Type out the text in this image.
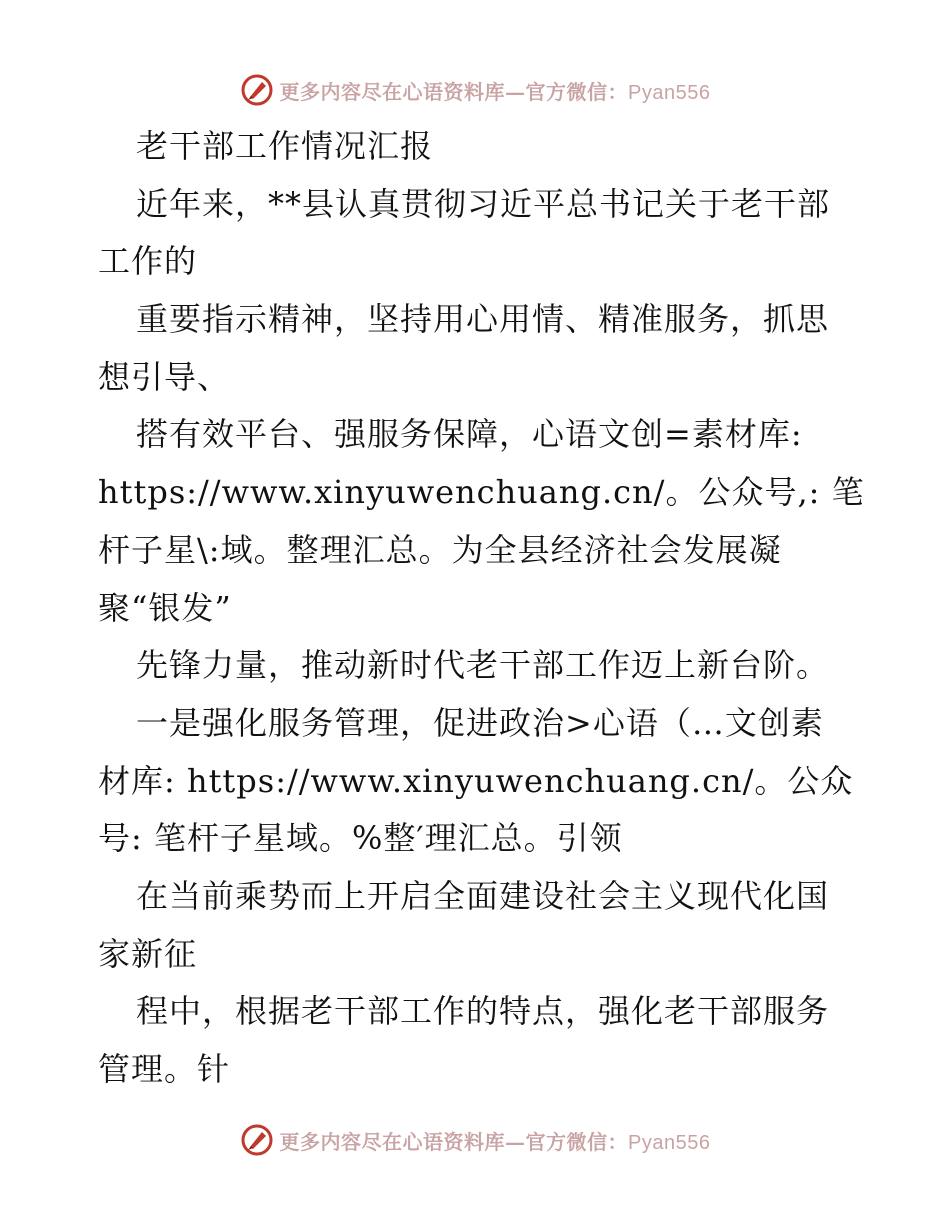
更多内容尽在心语资料库—官方微信：Pyan556
老干部工作情况汇报
近年来，**县认真贯彻习近平总书记关于老干部
工作的
重要指示精神，坚持用心用情、精准服务，抓思
想引导、
搭有效平台、强服务保障，心语文创=素材库:
https://www.xinyuwenchuang.cn/。公众号,: 笔
杆子星\:域。整理汇总。为全县经济社会发展凝
聚“银发”
先锋力量，推动新时代老干部工作迈上新台阶。
一是强化服务管理，促进政治>心语（…文创素
材库: https://www.xinyuwenchuang.cn/。公众
号: 笔杆子星域。%整′理汇总。引领
在当前乘势而上开启全面建设社会主义现代化国
家新征
程中，根据老干部工作的特点，强化老干部服务
管理。针
更多内容尽在心语资料库—官方微信：Pyan556
